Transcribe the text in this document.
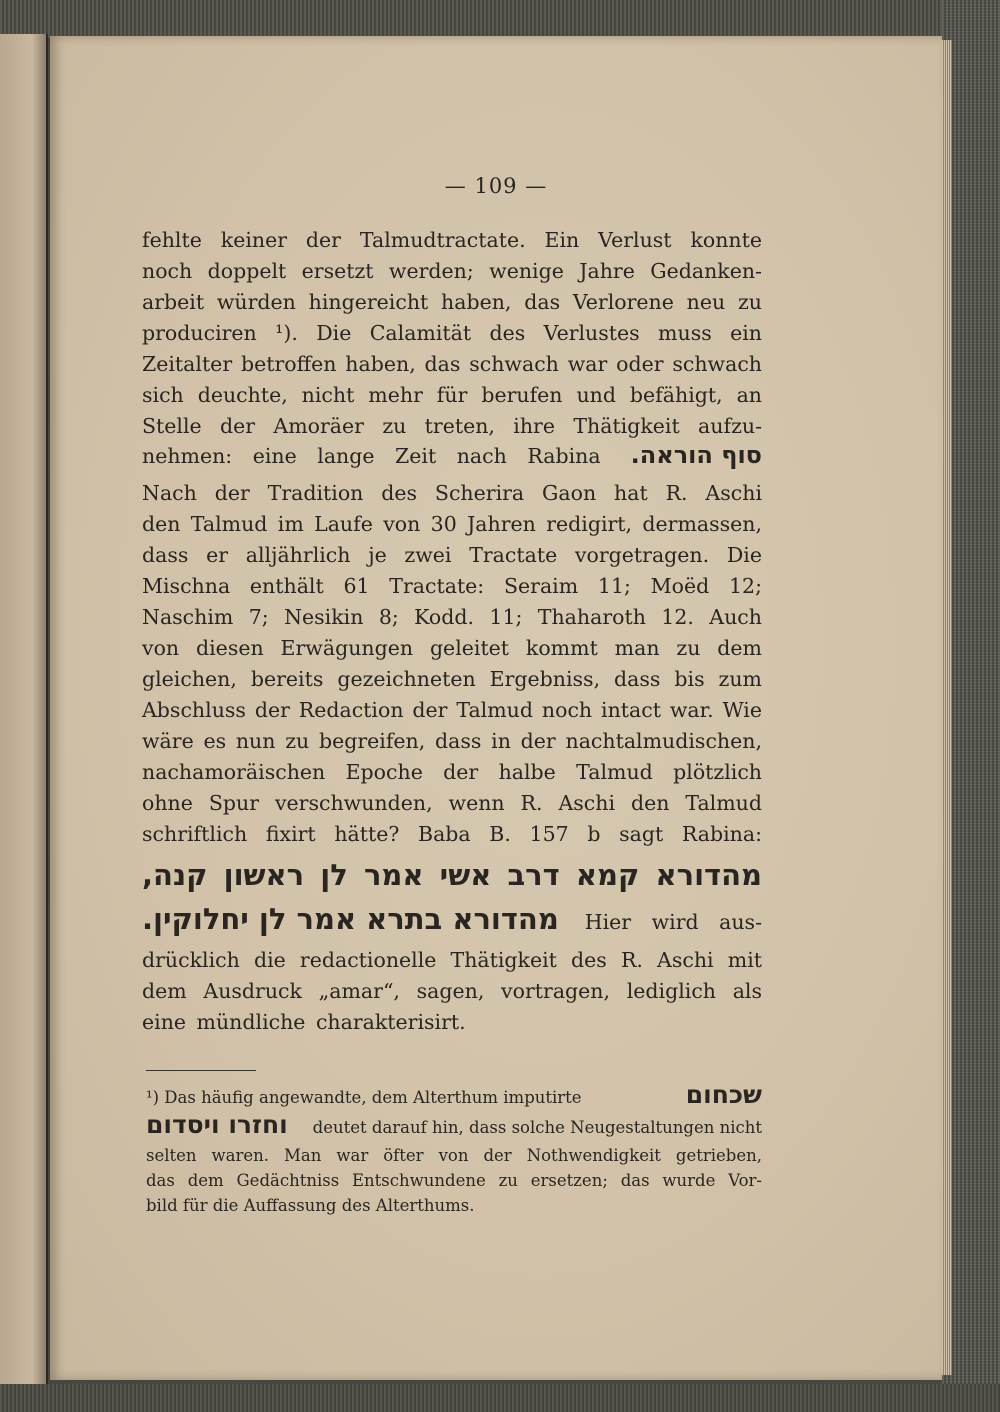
— 109 —

fehlte keiner der Talmudtractate. Ein Verlust konnte

noch doppelt ersetzt werden; wenige Jahre Gedanken-

arbeit würden hingereicht haben, das Verlorene neu zu

produciren ¹). Die Calamität des Verlustes muss ein

Zeitalter betroffen haben, das schwach war oder schwach

sich deuchte, nicht mehr für berufen und befähigt, an

Stelle der Amoräer zu treten, ihre Thätigkeit aufzu-

nehmen: eine lange Zeit nach Rabina סוף הוראה.

Nach der Tradition des Scherira Gaon hat R. Aschi

den Talmud im Laufe von 30 Jahren redigirt, dermassen,

dass er alljährlich je zwei Tractate vorgetragen. Die

Mischna enthält 61 Tractate: Seraim 11; Moëd 12;

Naschim 7; Nesikin 8; Kodd. 11; Thaharoth 12. Auch

von diesen Erwägungen geleitet kommt man zu dem

gleichen, bereits gezeichneten Ergebniss, dass bis zum

Abschluss der Redaction der Talmud noch intact war. Wie

wäre es nun zu begreifen, dass in der nachtalmudischen,

nachamoräischen Epoche der halbe Talmud plötzlich

ohne Spur verschwunden, wenn R. Aschi den Talmud

schriftlich fixirt hätte? Baba B. 157 b sagt Rabina:

מהדורא קמא דרב אשי אמר לן ראשון קנה,

מהדורא בתרא אמר לן יחלוקין. Hier wird aus-

drücklich die redactionelle Thätigkeit des R. Aschi mit

dem Ausdruck „amar“, sagen, vortragen, lediglich als

eine mündliche charakterisirt.

¹) Das häufig angewandte, dem Alterthum imputirte	שכחום
וחזרו ויסדום deutet darauf hin, dass solche Neugestaltungen nicht

selten waren. Man war öfter von der Nothwendigkeit getrieben,

das dem Gedächtniss Entschwundene zu ersetzen; das wurde Vor-

bild für die Auffassung des Alterthums.
